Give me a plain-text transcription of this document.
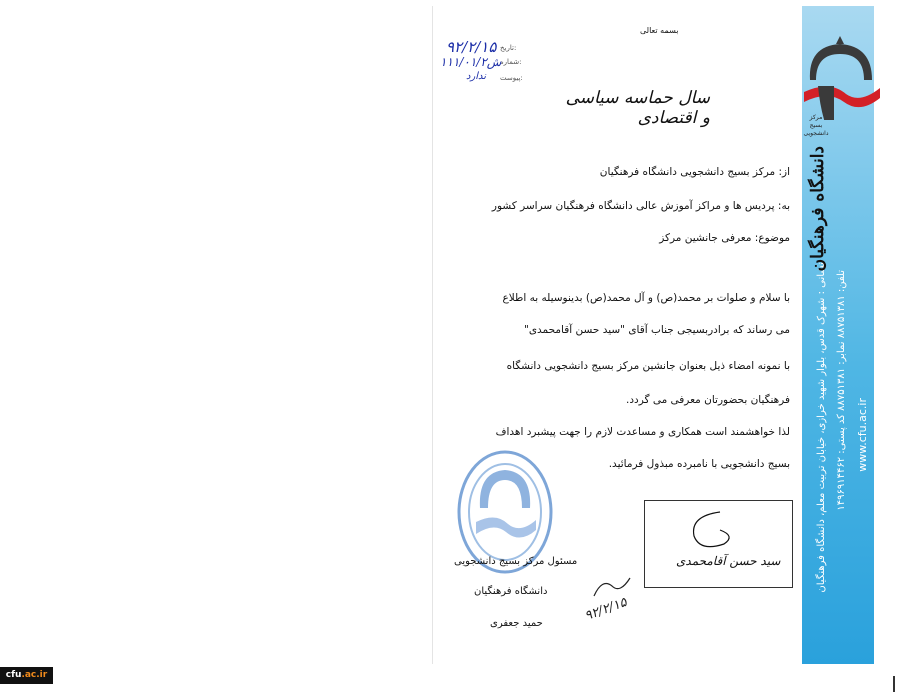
نشانی : شهرک قدس، بلوار شهید خرازی، خیابان تربیت معلم، دانشگاه فرهنگیان تلفن: ۸۸۷۵۱۳۸۱ نمابر: ۸۸۷۵۱۳۸۱ کد پستی: ۱۴۹۶۹۱۴۴۶۲
www.cfu.ac.ir
مرکز
بسیج
دانشجویی
دانشگاه فرهنگیان
بسمه تعالی
تاریخ:
۹۲/۲/۱۵
شماره:
۱۱۱/۰۱/ش۲
پیوست:
ندارد
سال حماسه سیاسی و اقتصادی
از: مرکز بسیج دانشجویی دانشگاه فرهنگیان
به: پردیس ها و مراکز آموزش عالی دانشگاه فرهنگیان سراسر کشور
موضوع: معرفی جانشین مرکز
با سلام و صلوات بر محمد(ص) و آل محمد(ص) بدینوسیله به اطلاع
می رساند که برادربسیجی جناب آقای "سید حسن آقامحمدی"
با نمونه امضاء ذیل بعنوان جانشین مرکز بسیج دانشجویی دانشگاه
فرهنگیان بحضورتان معرفی می گردد.
لذا خواهشمند است همکاری و مساعدت لازم را جهت پیشبرد اهداف
بسیج دانشجویی با نامبرده مبذول فرمائید.
سید حسن آقامحمدی
مسئول مرکز بسیج دانشجویی
دانشگاه فرهنگیان
حمید جعفری	۹۲/۲/۱۵
cfu.ac.ir
